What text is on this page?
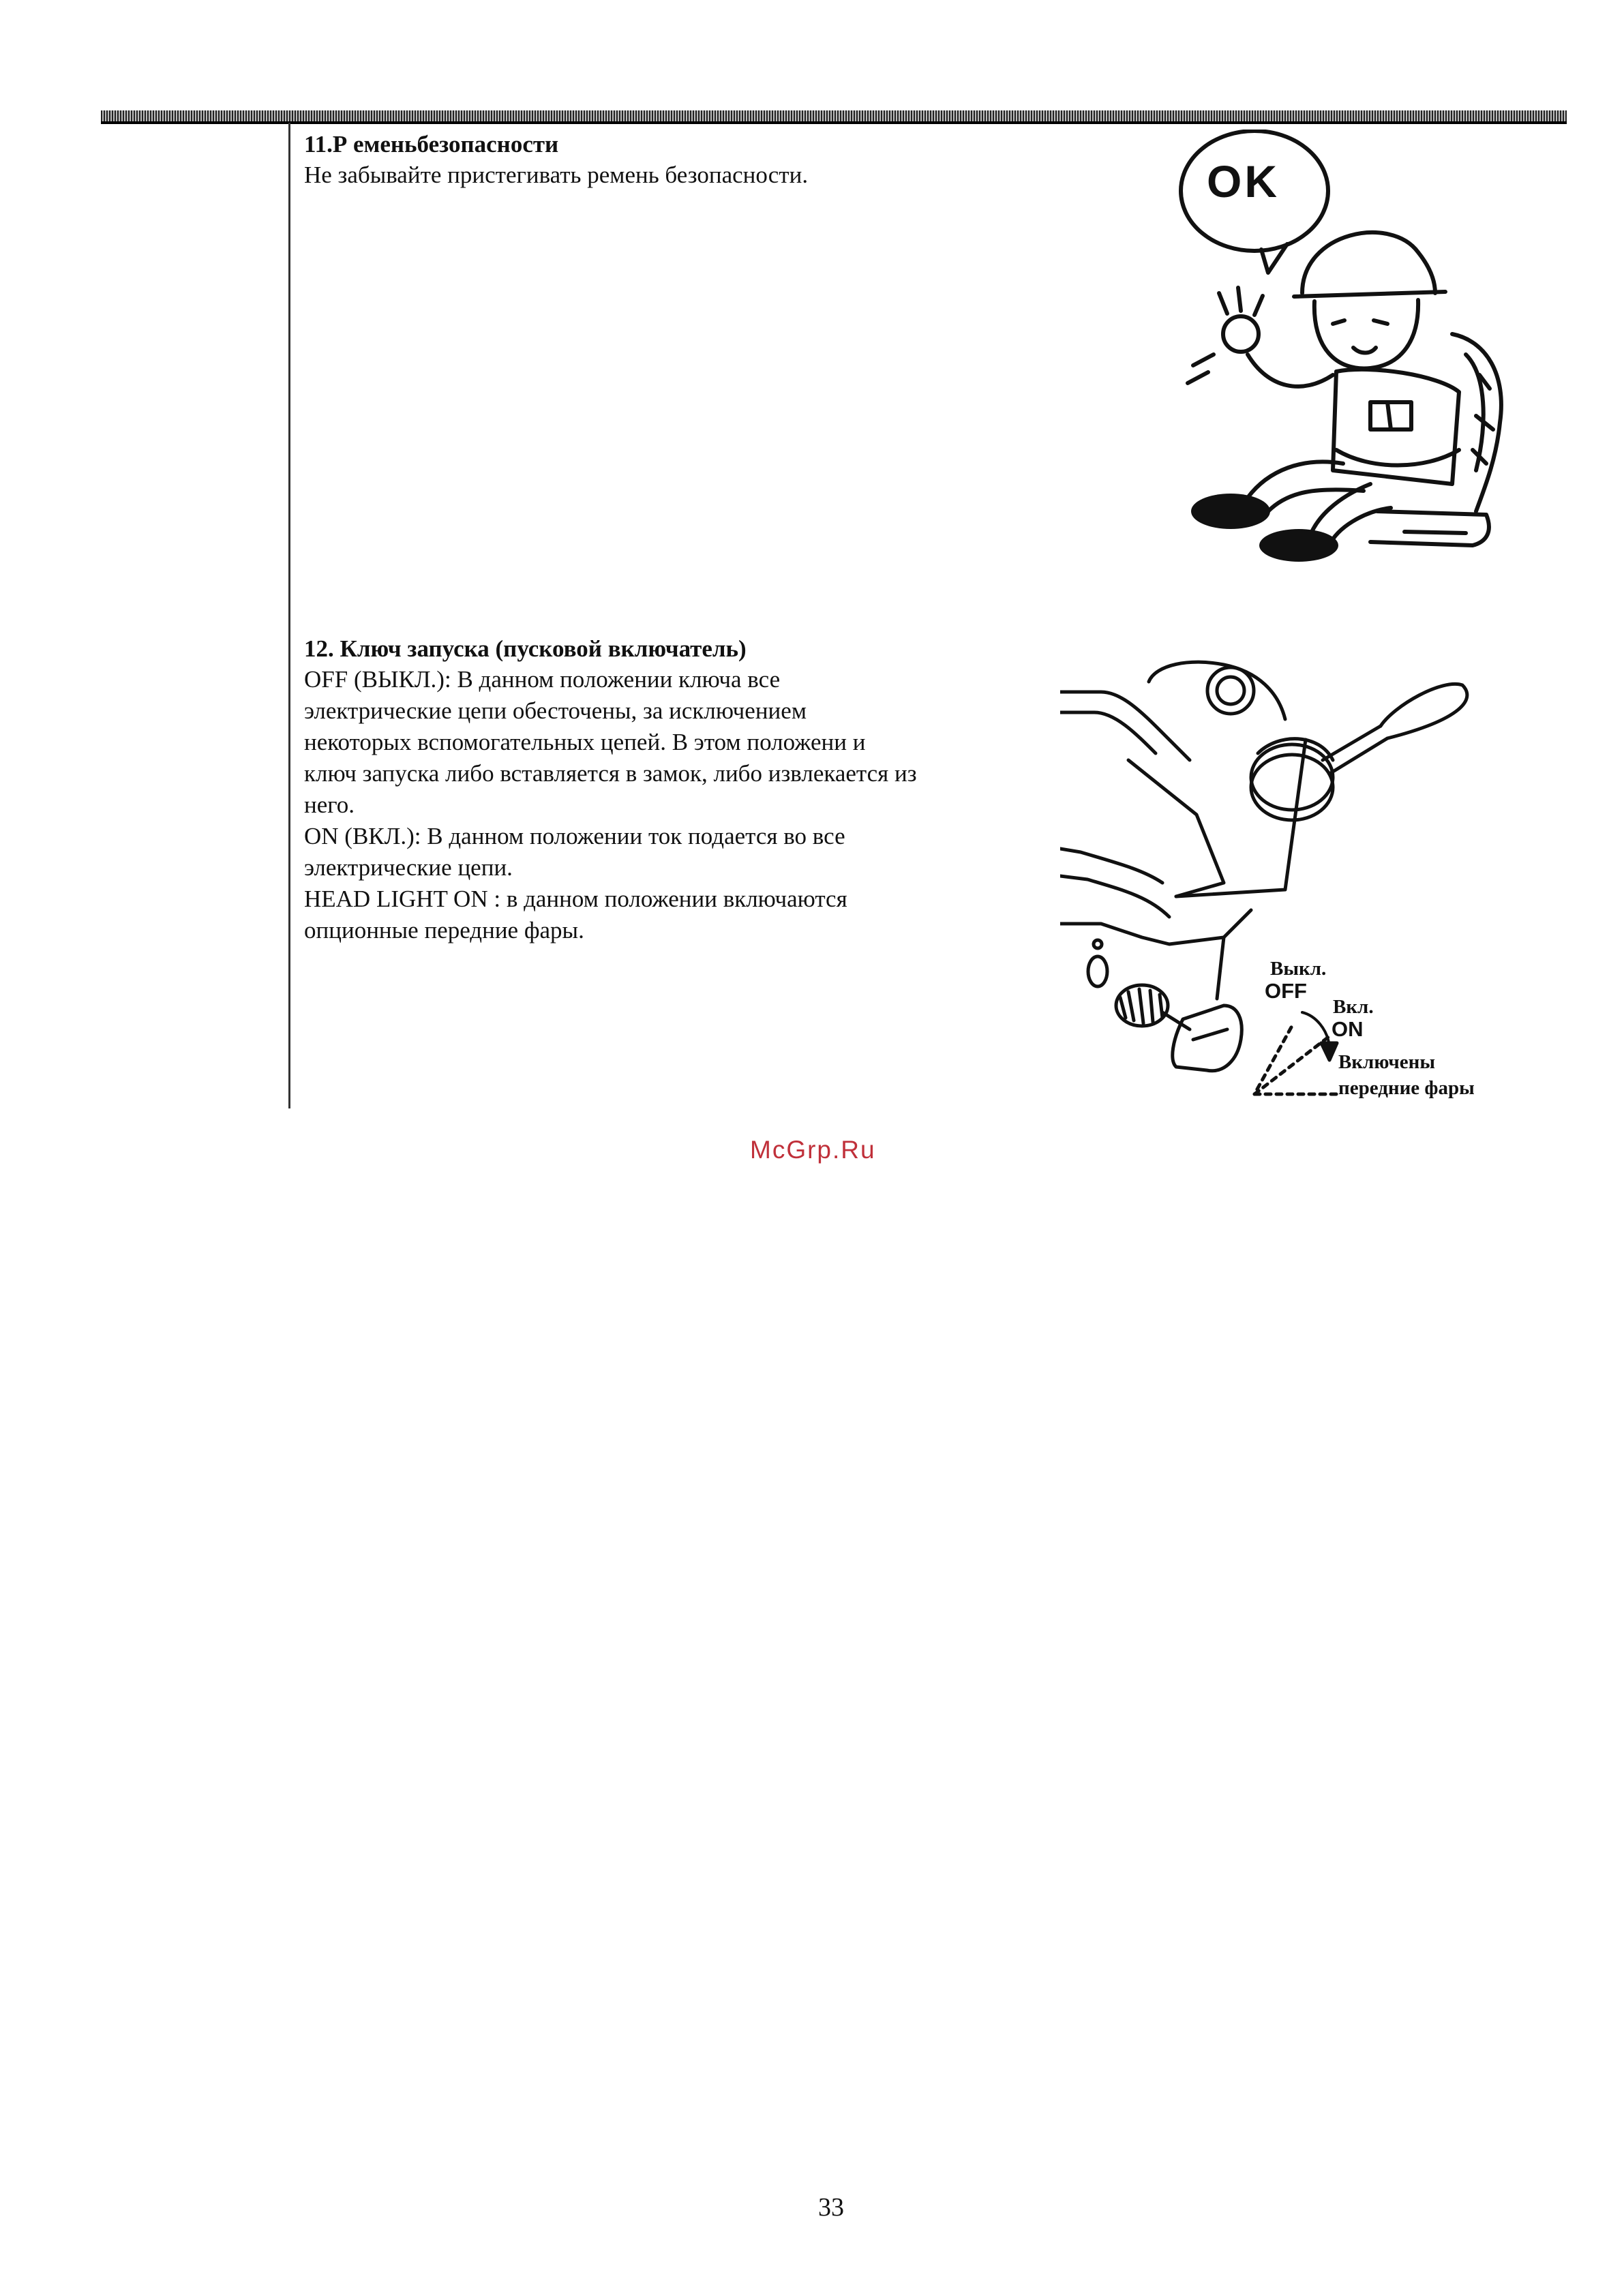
11.Р еменьбезопасности

Не забывайте пристегивать ремень безопасности.	OK
12. Ключ запуска (пусковой включатель)

OFF (ВЫКЛ.): В данном положении ключа все

электрические цепи обесточены, за исключением

некоторых вспомогательных цепей. В этом положени и

ключ запуска либо вставляется в замок, либо извлекается из

него.

ON (ВКЛ.): В данном положении ток подается во все

электрические цепи.

HEAD LIGHT ON : в данном положении включаются

опционные передние фары.

Выкл.
OFF
Вкл.
ON
Включены
передние фары
McGrp.Ru
33
